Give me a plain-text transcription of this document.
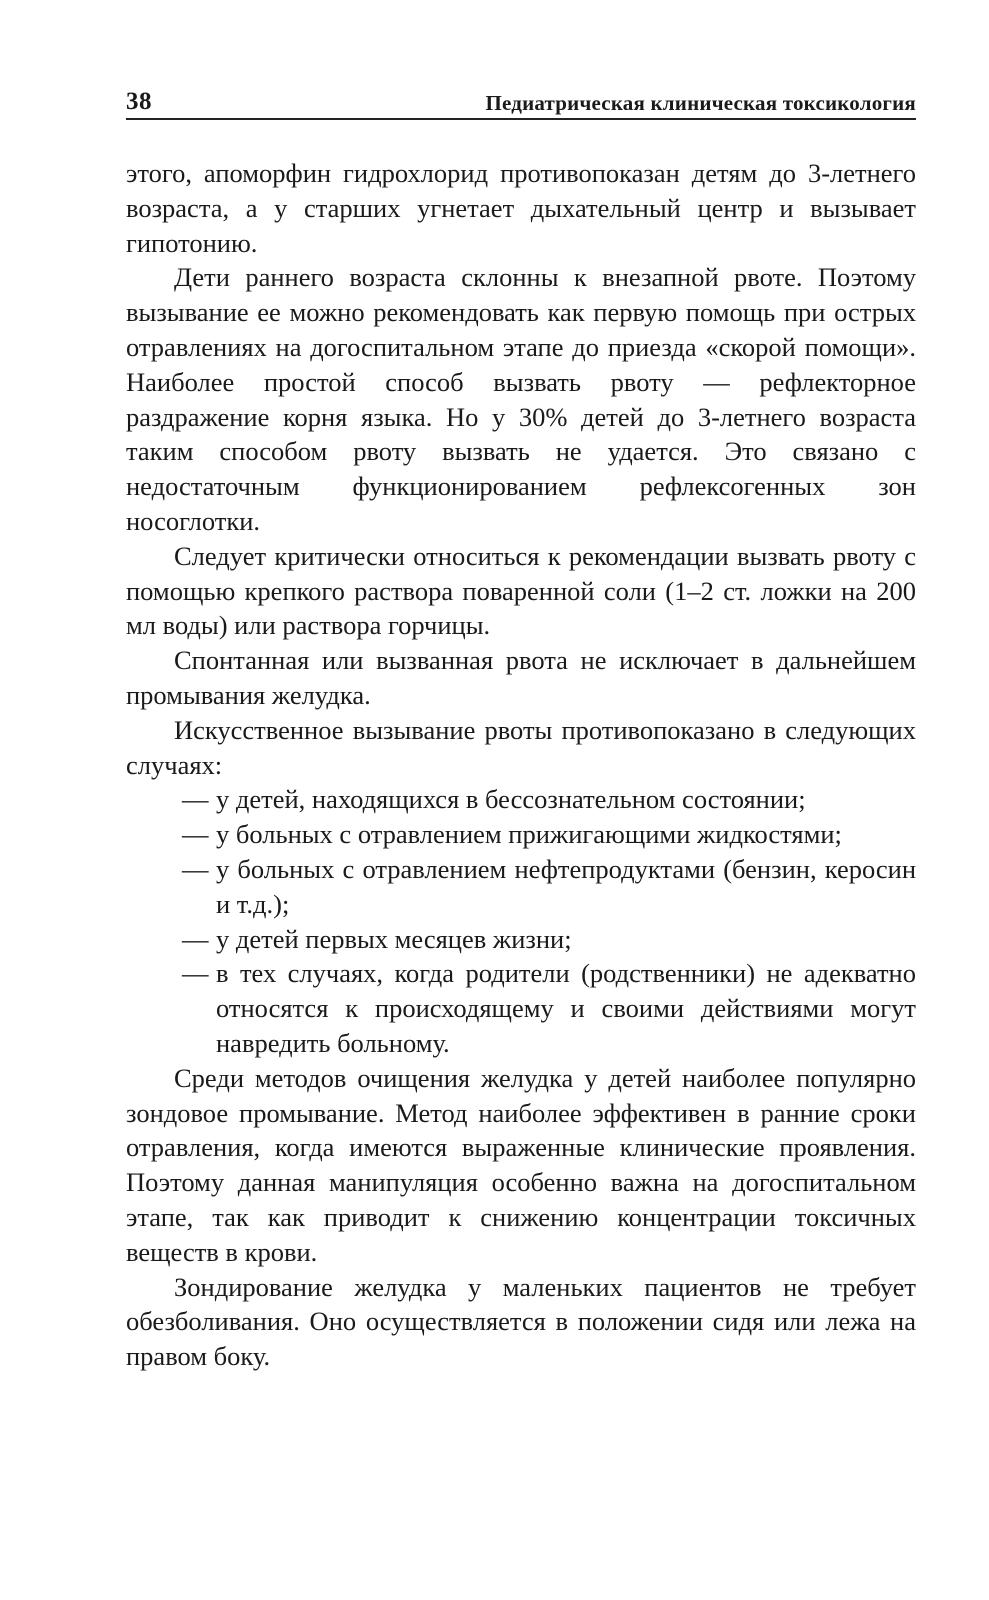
38	Педиатрическая клиническая токсикология

этого, апоморфин гидрохлорид противопоказан детям до 3-летнего возраста, а у старших угнетает дыхательный центр и вызывает гипотонию.

Дети раннего возраста склонны к внезапной рвоте. Поэтому вызывание ее можно рекомендовать как первую помощь при острых отравлениях на догоспитальном этапе до приезда «скорой помощи». Наиболее простой способ вызвать рвоту — рефлекторное раздражение корня языка. Но у 30% детей до 3-летнего возраста таким способом рвоту вызвать не удается. Это связано с недостаточным функционированием рефлексогенных зон носоглотки.

Следует критически относиться к рекомендации вызвать рвоту с помощью крепкого раствора поваренной соли (1–2 ст. ложки на 200 мл воды) или раствора горчицы.

Спонтанная или вызванная рвота не исключает в дальнейшем промывания желудка.

Искусственное вызывание рвоты противопоказано в следующих случаях:

— у детей, находящихся в бессознательном состоянии;
— у больных с отравлением прижигающими жидкостями;
— у больных с отравлением нефтепродуктами (бензин, керосин и т.д.);
— у детей первых месяцев жизни;
— в тех случаях, когда родители (родственники) не адекватно относятся к происходящему и своими действиями могут навредить больному.

Среди методов очищения желудка у детей наиболее популярно зондовое промывание. Метод наиболее эффективен в ранние сроки отравления, когда имеются выраженные клинические проявления. Поэтому данная манипуляция особенно важна на догоспитальном этапе, так как приводит к снижению концентрации токсичных веществ в крови.

Зондирование желудка у маленьких пациентов не требует обезболивания. Оно осуществляется в положении сидя или лежа на правом боку.
